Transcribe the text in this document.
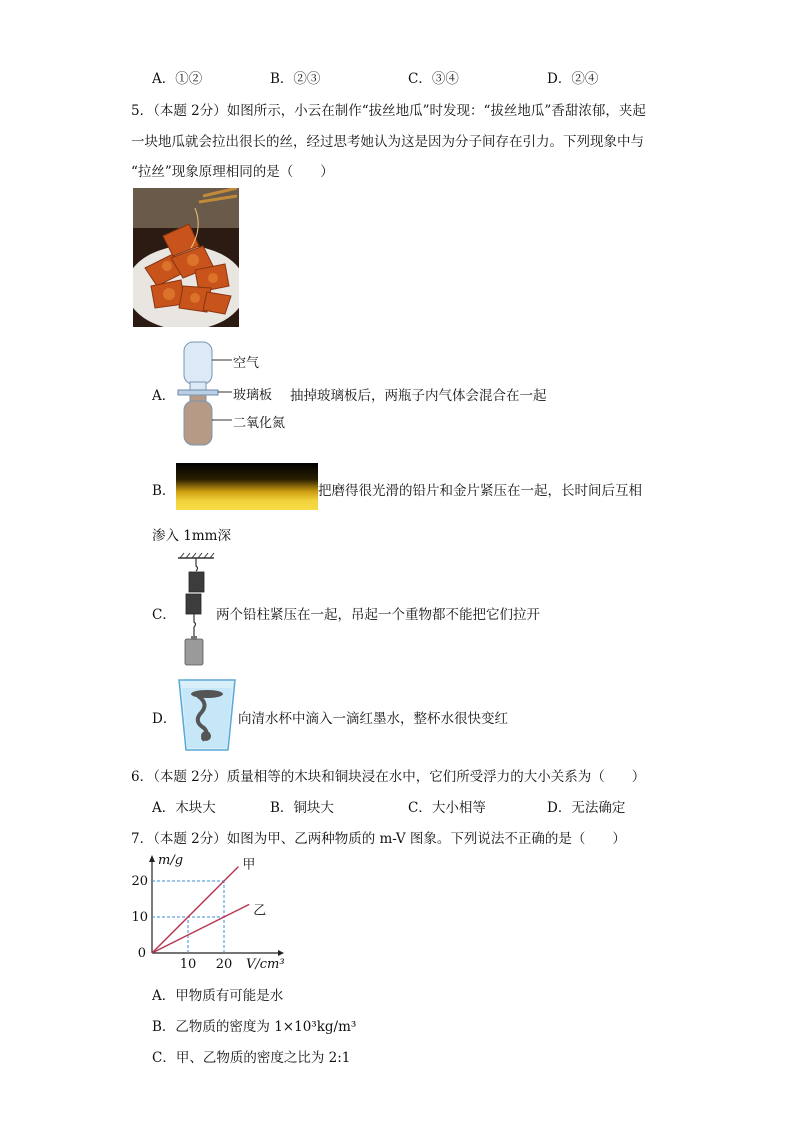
A．①②	B．②③	C．③④	D．②④
5．（本题 2分）如图所示，小云在制作“拔丝地瓜”时发现：“拔丝地瓜”香甜浓郁，夹起
一块地瓜就会拉出很长的丝，经过思考她认为这是因为分子间存在引力。下列现象中与
“拉丝”现象原理相同的是（　　）
A．
空气
玻璃板
二氧化氮
抽掉玻璃板后，两瓶子内气体会混合在一起
B．	把磨得很光滑的铅片和金片紧压在一起，长时间后互相
渗入 1mm深
C．	两个铅柱紧压在一起，吊起一个重物都不能把它们拉开
D．	向清水杯中滴入一滴红墨水，整杯水很快变红
6．（本题 2分）质量相等的木块和铜块浸在水中，它们所受浮力的大小关系为（　　）
A．木块大	B．铜块大	C．大小相等	D．无法确定
7．（本题 2分）如图为甲、乙两种物质的 m-V 图象。下列说法不正确的是（　　）
甲
乙
10 20
10
20
0
m/g
V/cm³
A．甲物质有可能是水
B．乙物质的密度为 1×10³kg/m³
C．甲、乙物质的密度之比为 2:1
